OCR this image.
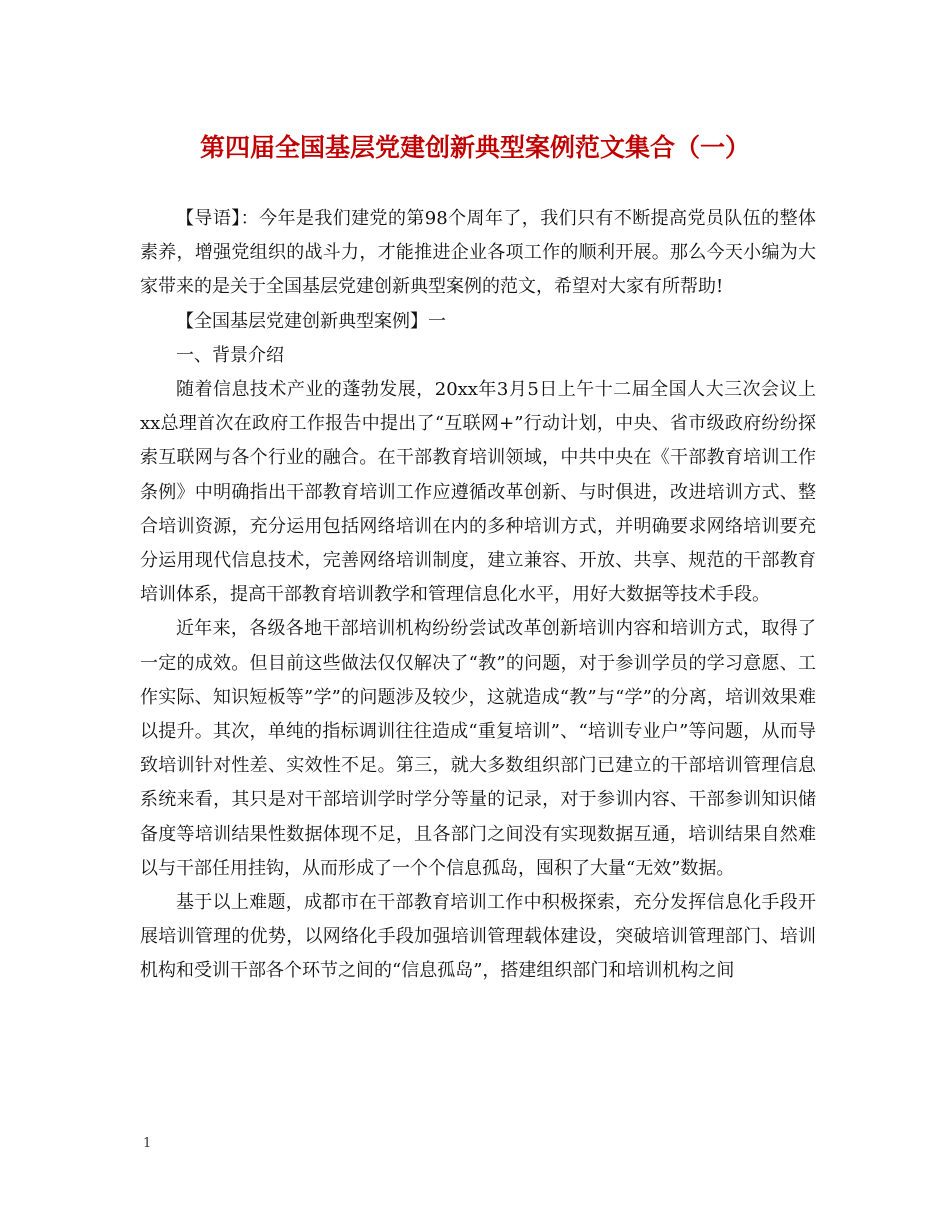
第四届全国基层党建创新典型案例范文集合（一）

【导语】：今年是我们建党的第98个周年了，我们只有不断提高党员队伍的整体素养，增强党组织的战斗力，才能推进企业各项工作的顺利开展。那么今天小编为大家带来的是关于全国基层党建创新典型案例的范文，希望对大家有所帮助!

【全国基层党建创新典型案例】一

一、背景介绍

随着信息技术产业的蓬勃发展，20xx年3月5日上午十二届全国人大三次会议上xx总理首次在政府工作报告中提出了“互联网+”行动计划，中央、省市级政府纷纷探索互联网与各个行业的融合。在干部教育培训领域，中共中央在《干部教育培训工作条例》中明确指出干部教育培训工作应遵循改革创新、与时俱进，改进培训方式、整合培训资源，充分运用包括网络培训在内的多种培训方式，并明确要求网络培训要充分运用现代信息技术，完善网络培训制度，建立兼容、开放、共享、规范的干部教育培训体系，提高干部教育培训教学和管理信息化水平，用好大数据等技术手段。

近年来，各级各地干部培训机构纷纷尝试改革创新培训内容和培训方式，取得了一定的成效。但目前这些做法仅仅解决了“教”的问题，对于参训学员的学习意愿、工作实际、知识短板等”学”的问题涉及较少，这就造成“教”与“学”的分离，培训效果难以提升。其次，单纯的指标调训往往造成“重复培训”、“培训专业户”等问题，从而导致培训针对性差、实效性不足。第三，就大多数组织部门已建立的干部培训管理信息系统来看，其只是对干部培训学时学分等量的记录，对于参训内容、干部参训知识储备度等培训结果性数据体现不足，且各部门之间没有实现数据互通，培训结果自然难以与干部任用挂钩，从而形成了一个个信息孤岛，囤积了大量“无效”数据。

基于以上难题，成都市在干部教育培训工作中积极探索，充分发挥信息化手段开展培训管理的优势，以网络化手段加强培训管理载体建设，突破培训管理部门、培训机构和受训干部各个环节之间的“信息孤岛”，搭建组织部门和培训机构之间

1
